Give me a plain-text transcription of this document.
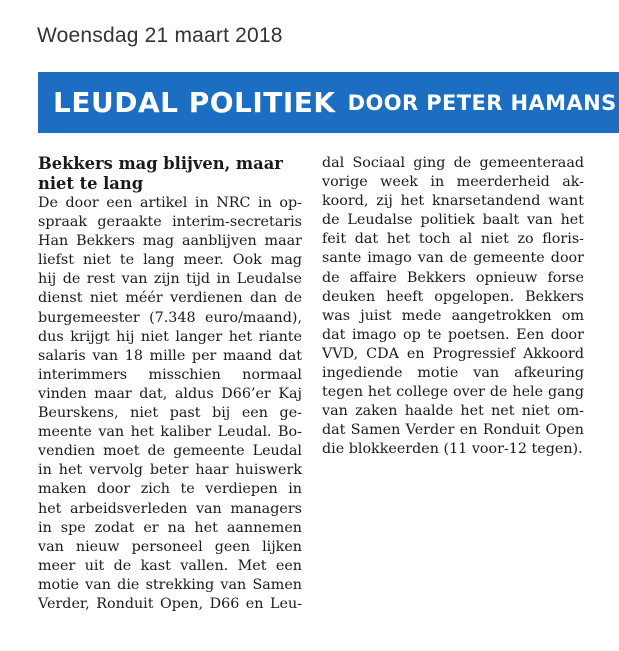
Woensdag 21 maart 2018
LEUDAL POLITIEK DOOR PETER HAMANS
Bekkers mag blijven, maar
niet te lang
De door een artikel in NRC in op-
spraak geraakte interim-secretaris
Han Bekkers mag aanblijven maar
liefst niet te lang meer. Ook mag
hij de rest van zijn tijd in Leudalse
dienst niet méér verdienen dan de
burgemeester (7.348 euro/maand),
dus krijgt hij niet langer het riante
salaris van 18 mille per maand dat
interimmers misschien normaal
vinden maar dat, aldus D66’er Kaj
Beurskens, niet past bij een ge-
meente van het kaliber Leudal. Bo-
vendien moet de gemeente Leudal
in het vervolg beter haar huiswerk
maken door zich te verdiepen in
het arbeidsverleden van managers
in spe zodat er na het aannemen
van nieuw personeel geen lijken
meer uit de kast vallen. Met een
motie van die strekking van Samen
Verder, Ronduit Open, D66 en Leu-
dal Sociaal ging de gemeenteraad
vorige week in meerderheid ak-
koord, zij het knarsetandend want
de Leudalse politiek baalt van het
feit dat het toch al niet zo floris-
sante imago van de gemeente door
de affaire Bekkers opnieuw forse
deuken heeft opgelopen. Bekkers
was juist mede aangetrokken om
dat imago op te poetsen. Een door
VVD, CDA en Progressief Akkoord
ingediende motie van afkeuring
tegen het college over de hele gang
van zaken haalde het net niet om-
dat Samen Verder en Ronduit Open
die blokkeerden (11 voor-12 tegen).
